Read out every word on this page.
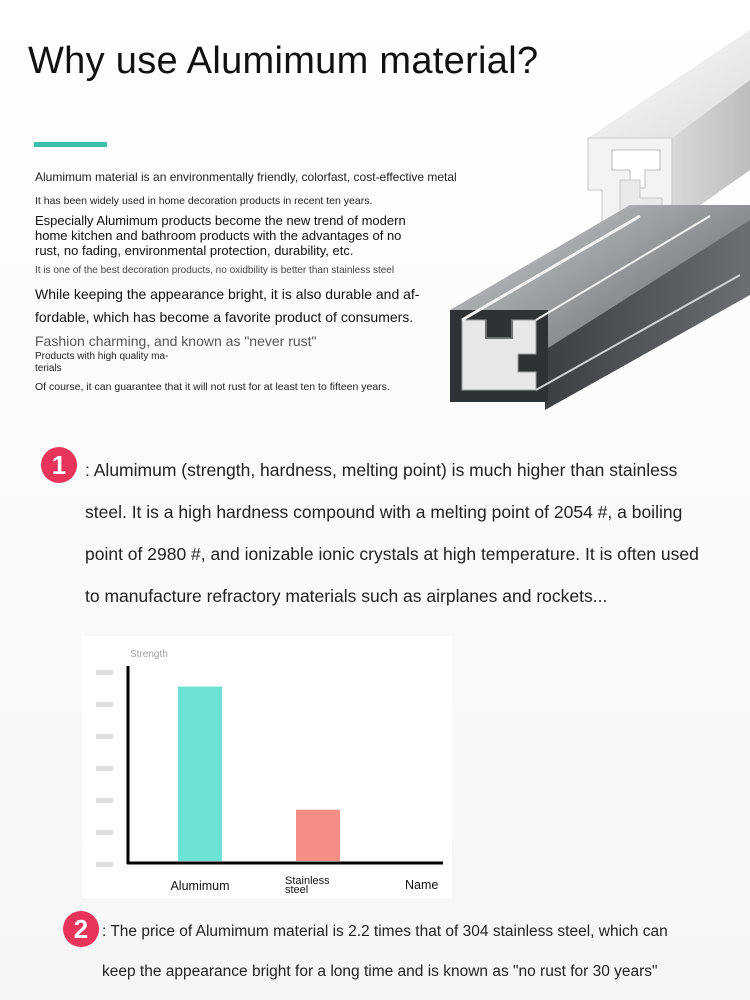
Why use Alumimum material?
Alumimum material is an environmentally friendly, colorfast, cost-effective metal
It has been widely used in home decoration products in recent ten years.
Especially Alumimum products become the new trend of modern
home kitchen and bathroom products with the advantages of no
rust, no fading, environmental protection, durability, etc.
It is one of the best decoration products, no oxidbility is better than stainless steel
While keeping the appearance bright, it is also durable and af-
fordable, which has become a favorite product of consumers.
Fashion charming, and known as "never rust"
Products with high quality ma-
terials
Of course, it can guarantee that it will not rust for at least ten to fifteen years.
1	: Alumimum (strength, hardness, melting point) is much higher than stainless
steel. It is a high hardness compound with a melting point of 2054 #, a boiling
point of 2980 #, and ionizable ionic crystals at high temperature. It is often used
to manufacture refractory materials such as airplanes and rockets...
Strength
Alumimum	Stainless
steel	Name
2 : The price of Alumimum material is 2.2 times that of 304 stainless steel, which can
keep the appearance bright for a long time and is known as "no rust for 30 years"
